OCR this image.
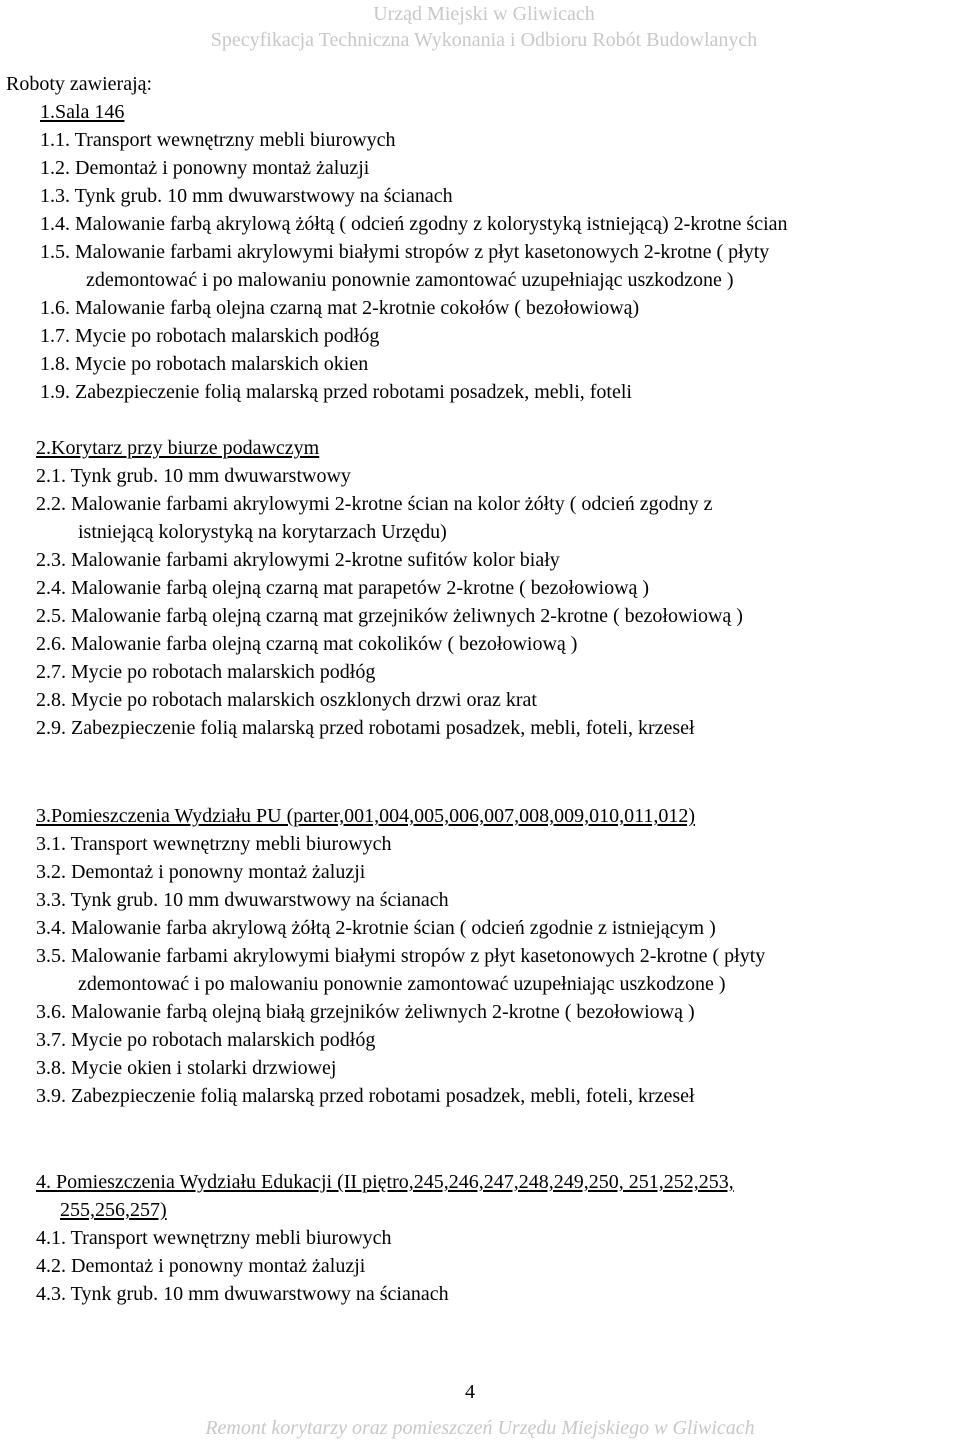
Urząd Miejski w Gliwicach
Specyfikacja Techniczna Wykonania i Odbioru Robót Budowlanych
Roboty zawierają:
1.Sala 146
1.1. Transport wewnętrzny mebli biurowych
1.2. Demontaż i ponowny montaż żaluzji
1.3. Tynk grub. 10 mm dwuwarstwowy na ścianach
1.4. Malowanie farbą akrylową żółtą ( odcień zgodny z kolorystyką istniejącą) 2-krotne ścian
1.5. Malowanie farbami akrylowymi białymi stropów z płyt kasetonowych 2-krotne ( płyty
zdemontować i po malowaniu ponownie zamontować uzupełniając uszkodzone )
1.6. Malowanie farbą olejna czarną mat 2-krotnie cokołów ( bezołowiową)
1.7. Mycie po robotach malarskich podłóg
1.8. Mycie po robotach malarskich okien
1.9. Zabezpieczenie folią malarską przed robotami posadzek, mebli, foteli
2.Korytarz przy biurze podawczym
2.1. Tynk grub. 10 mm dwuwarstwowy
2.2. Malowanie farbami akrylowymi 2-krotne ścian na kolor żółty ( odcień zgodny z
istniejącą kolorystyką na korytarzach Urzędu)
2.3. Malowanie farbami akrylowymi 2-krotne sufitów kolor biały
2.4. Malowanie farbą olejną czarną mat parapetów 2-krotne ( bezołowiową )
2.5. Malowanie farbą olejną czarną mat grzejników żeliwnych 2-krotne ( bezołowiową )
2.6. Malowanie farba olejną czarną mat cokolików ( bezołowiową )
2.7. Mycie po robotach malarskich podłóg
2.8. Mycie po robotach malarskich oszklonych drzwi oraz krat
2.9. Zabezpieczenie folią malarską przed robotami posadzek, mebli, foteli, krzeseł
3.Pomieszczenia Wydziału PU (parter,001,004,005,006,007,008,009,010,011,012)
3.1. Transport wewnętrzny mebli biurowych
3.2. Demontaż i ponowny montaż żaluzji
3.3. Tynk grub. 10 mm dwuwarstwowy na ścianach
3.4. Malowanie farba akrylową żółtą 2-krotnie ścian ( odcień zgodnie z istniejącym )
3.5. Malowanie farbami akrylowymi białymi stropów z płyt kasetonowych 2-krotne ( płyty
zdemontować i po malowaniu ponownie zamontować uzupełniając uszkodzone )
3.6. Malowanie farbą olejną białą grzejników żeliwnych 2-krotne ( bezołowiową )
3.7. Mycie po robotach malarskich podłóg
3.8. Mycie okien i stolarki drzwiowej
3.9. Zabezpieczenie folią malarską przed robotami posadzek, mebli, foteli, krzeseł
4. Pomieszczenia Wydziału Edukacji (II piętro,245,246,247,248,249,250, 251,252,253,
255,256,257)
4.1. Transport wewnętrzny mebli biurowych
4.2. Demontaż i ponowny montaż żaluzji
4.3. Tynk grub. 10 mm dwuwarstwowy na ścianach
4
Remont korytarzy oraz pomieszczeń Urzędu Miejskiego w Gliwicach
